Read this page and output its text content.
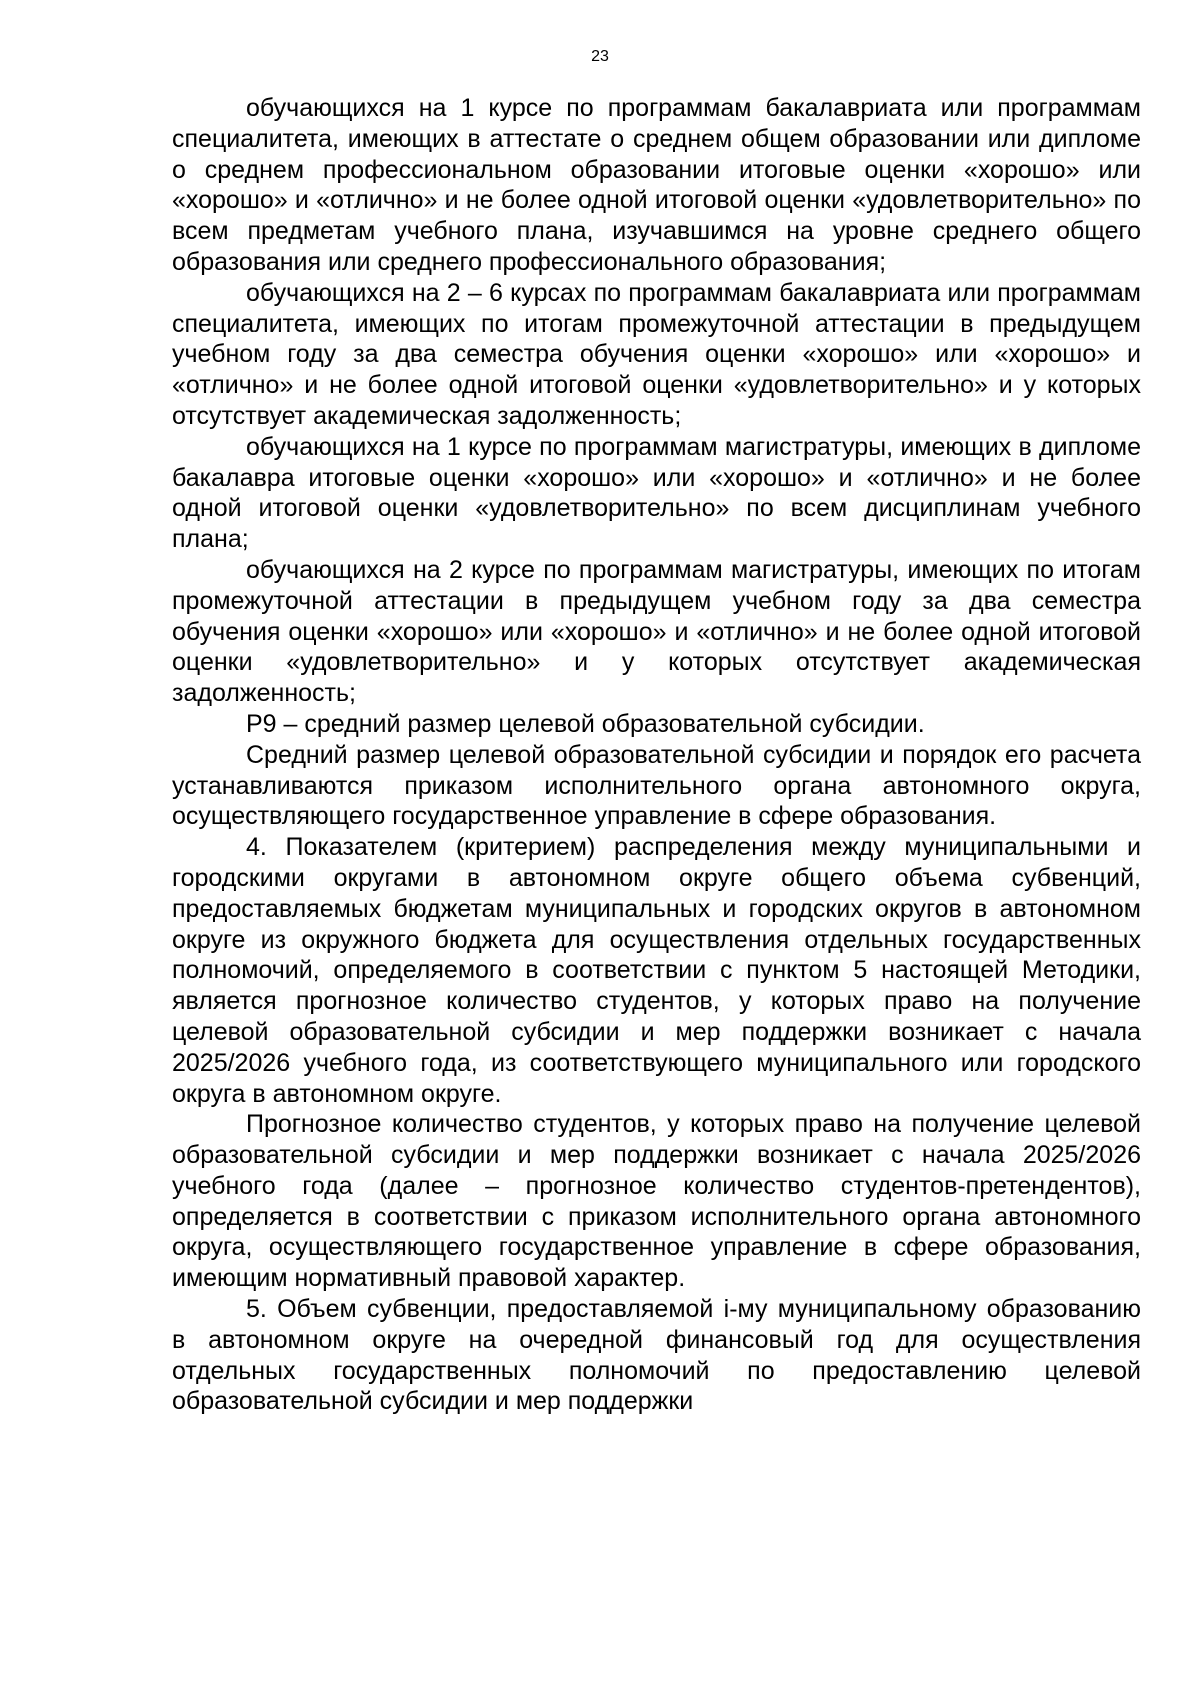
23

обучающихся на 1 курсе по программам бакалавриата или программам специалитета, имеющих в аттестате о среднем общем образовании или дипломе о среднем профессиональном образовании итоговые оценки «хорошо» или «хорошо» и «отлично» и не более одной итоговой оценки «удовлетворительно» по всем предметам учебного плана, изучавшимся на уровне среднего общего образования или среднего профессионального образования;

обучающихся на 2 – 6 курсах по программам бакалавриата или программам специалитета, имеющих по итогам промежуточной аттестации в предыдущем учебном году за два семестра обучения оценки «хорошо» или «хорошо» и «отлично» и не более одной итоговой оценки «удовлетворительно» и у которых отсутствует академическая задолженность;

обучающихся на 1 курсе по программам магистратуры, имеющих в дипломе бакалавра итоговые оценки «хорошо» или «хорошо» и «отлично» и не более одной итоговой оценки «удовлетворительно» по всем дисциплинам учебного плана;

обучающихся на 2 курсе по программам магистратуры, имеющих по итогам промежуточной аттестации в предыдущем учебном году за два семестра обучения оценки «хорошо» или «хорошо» и «отлично» и не более одной итоговой оценки «удовлетворительно» и у которых отсутствует академическая задолженность;

Р9 – средний размер целевой образовательной субсидии.

Средний размер целевой образовательной субсидии и порядок его расчета устанавливаются приказом исполнительного органа автономного округа, осуществляющего государственное управление в сфере образования.

4. Показателем (критерием) распределения между муниципальными и городскими округами в автономном округе общего объема субвенций, предоставляемых бюджетам муниципальных и городских округов в автономном округе из окружного бюджета для осуществления отдельных государственных полномочий, определяемого в соответствии с пунктом 5 настоящей Методики, является прогнозное количество студентов, у которых право на получение целевой образовательной субсидии и мер поддержки возникает с начала 2025/2026 учебного года, из соответствующего муниципального или городского округа в автономном округе.

Прогнозное количество студентов, у которых право на получение целевой образовательной субсидии и мер поддержки возникает с начала 2025/2026 учебного года (далее – прогнозное количество студентов-претендентов), определяется в соответствии с приказом исполнительного органа автономного округа, осуществляющего государственное управление в сфере образования, имеющим нормативный правовой характер.

5. Объем субвенции, предоставляемой i-му муниципальному образованию в автономном округе на очередной финансовый год для осуществления отдельных государственных полномочий по предоставлению целевой образовательной субсидии и мер поддержки
